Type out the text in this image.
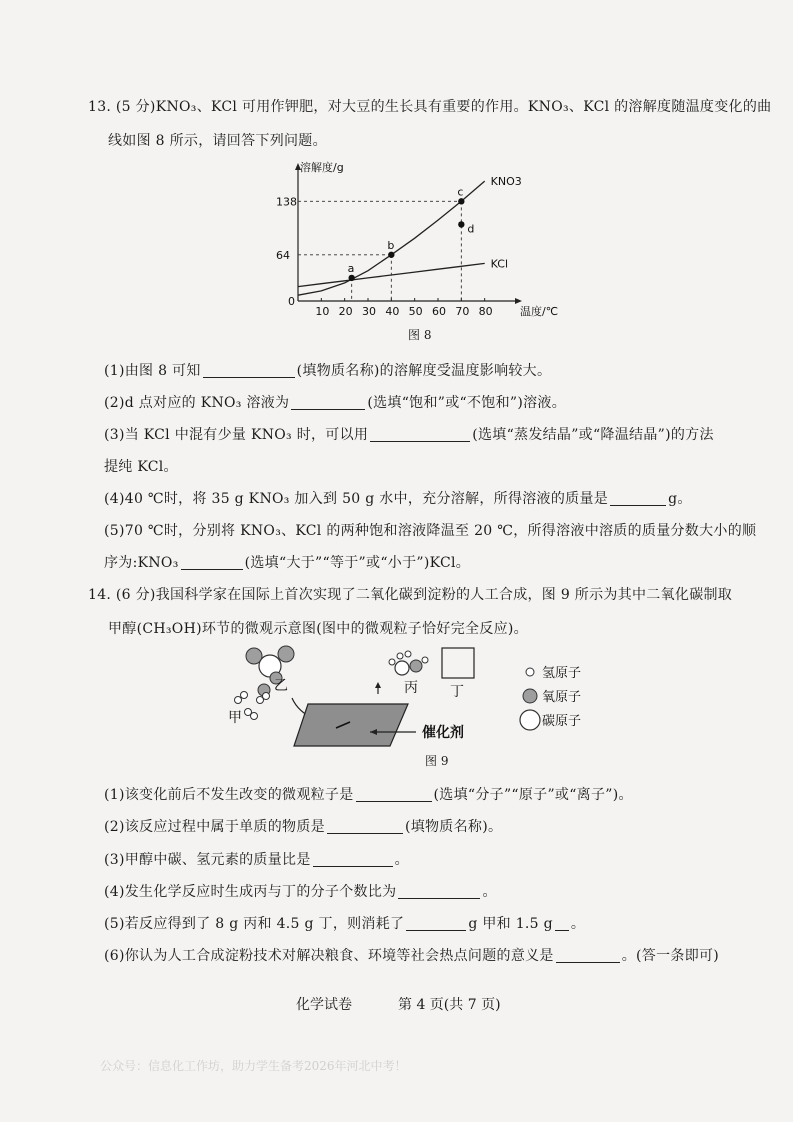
13. (5 分)KNO₃、KCl 可用作钾肥，对大豆的生长具有重要的作用。KNO₃、KCl 的溶解度随温度变化的曲
线如图 8 所示，请回答下列问题。
溶解度/g
温度/℃
0
10 20 30 40 50 60 70 80
64
138
KNO3
KCl
a
b
c
d
图 8
(1)由图 8 可知	(填物质名称)的溶解度受温度影响较大。
(2)d 点对应的 KNO₃ 溶液为	(选填“饱和”或“不饱和”)溶液。
(3)当 KCl 中混有少量 KNO₃ 时，可以用	(选填“蒸发结晶”或“降温结晶”)的方法
提纯 KCl。
(4)40 ℃时，将 35 g KNO₃ 加入到 50 g 水中，充分溶解，所得溶液的质量是	g。
(5)70 ℃时，分别将 KNO₃、KCl 的两种饱和溶液降温至 20 ℃，所得溶液中溶质的质量分数大小的顺
序为:KNO₃	(选填“大于”“等于”或“小于”)KCl。
14. (6 分)我国科学家在国际上首次实现了二氧化碳到淀粉的人工合成，图 9 所示为其中二氧化碳制取
甲醇(CH₃OH)环节的微观示意图(图中的微观粒子恰好完全反应)。
乙
甲
催化剂
丙 丁
氢原子
氧原子
碳原子
图 9
(1)该变化前后不发生改变的微观粒子是	(选填“分子”“原子”或“离子”)。
(2)该反应过程中属于单质的物质是	(填物质名称)。
(3)甲醇中碳、氢元素的质量比是	。
(4)发生化学反应时生成丙与丁的分子个数比为	。
(5)若反应得到了 8 g 丙和 4.5 g 丁，则消耗了	g 甲和 1.5 g 。
(6)你认为人工合成淀粉技术对解决粮食、环境等社会热点问题的意义是	。(答一条即可)
化学试卷	第 4 页(共 7 页)
公众号：信息化工作坊，助力学生备考2026年河北中考！
